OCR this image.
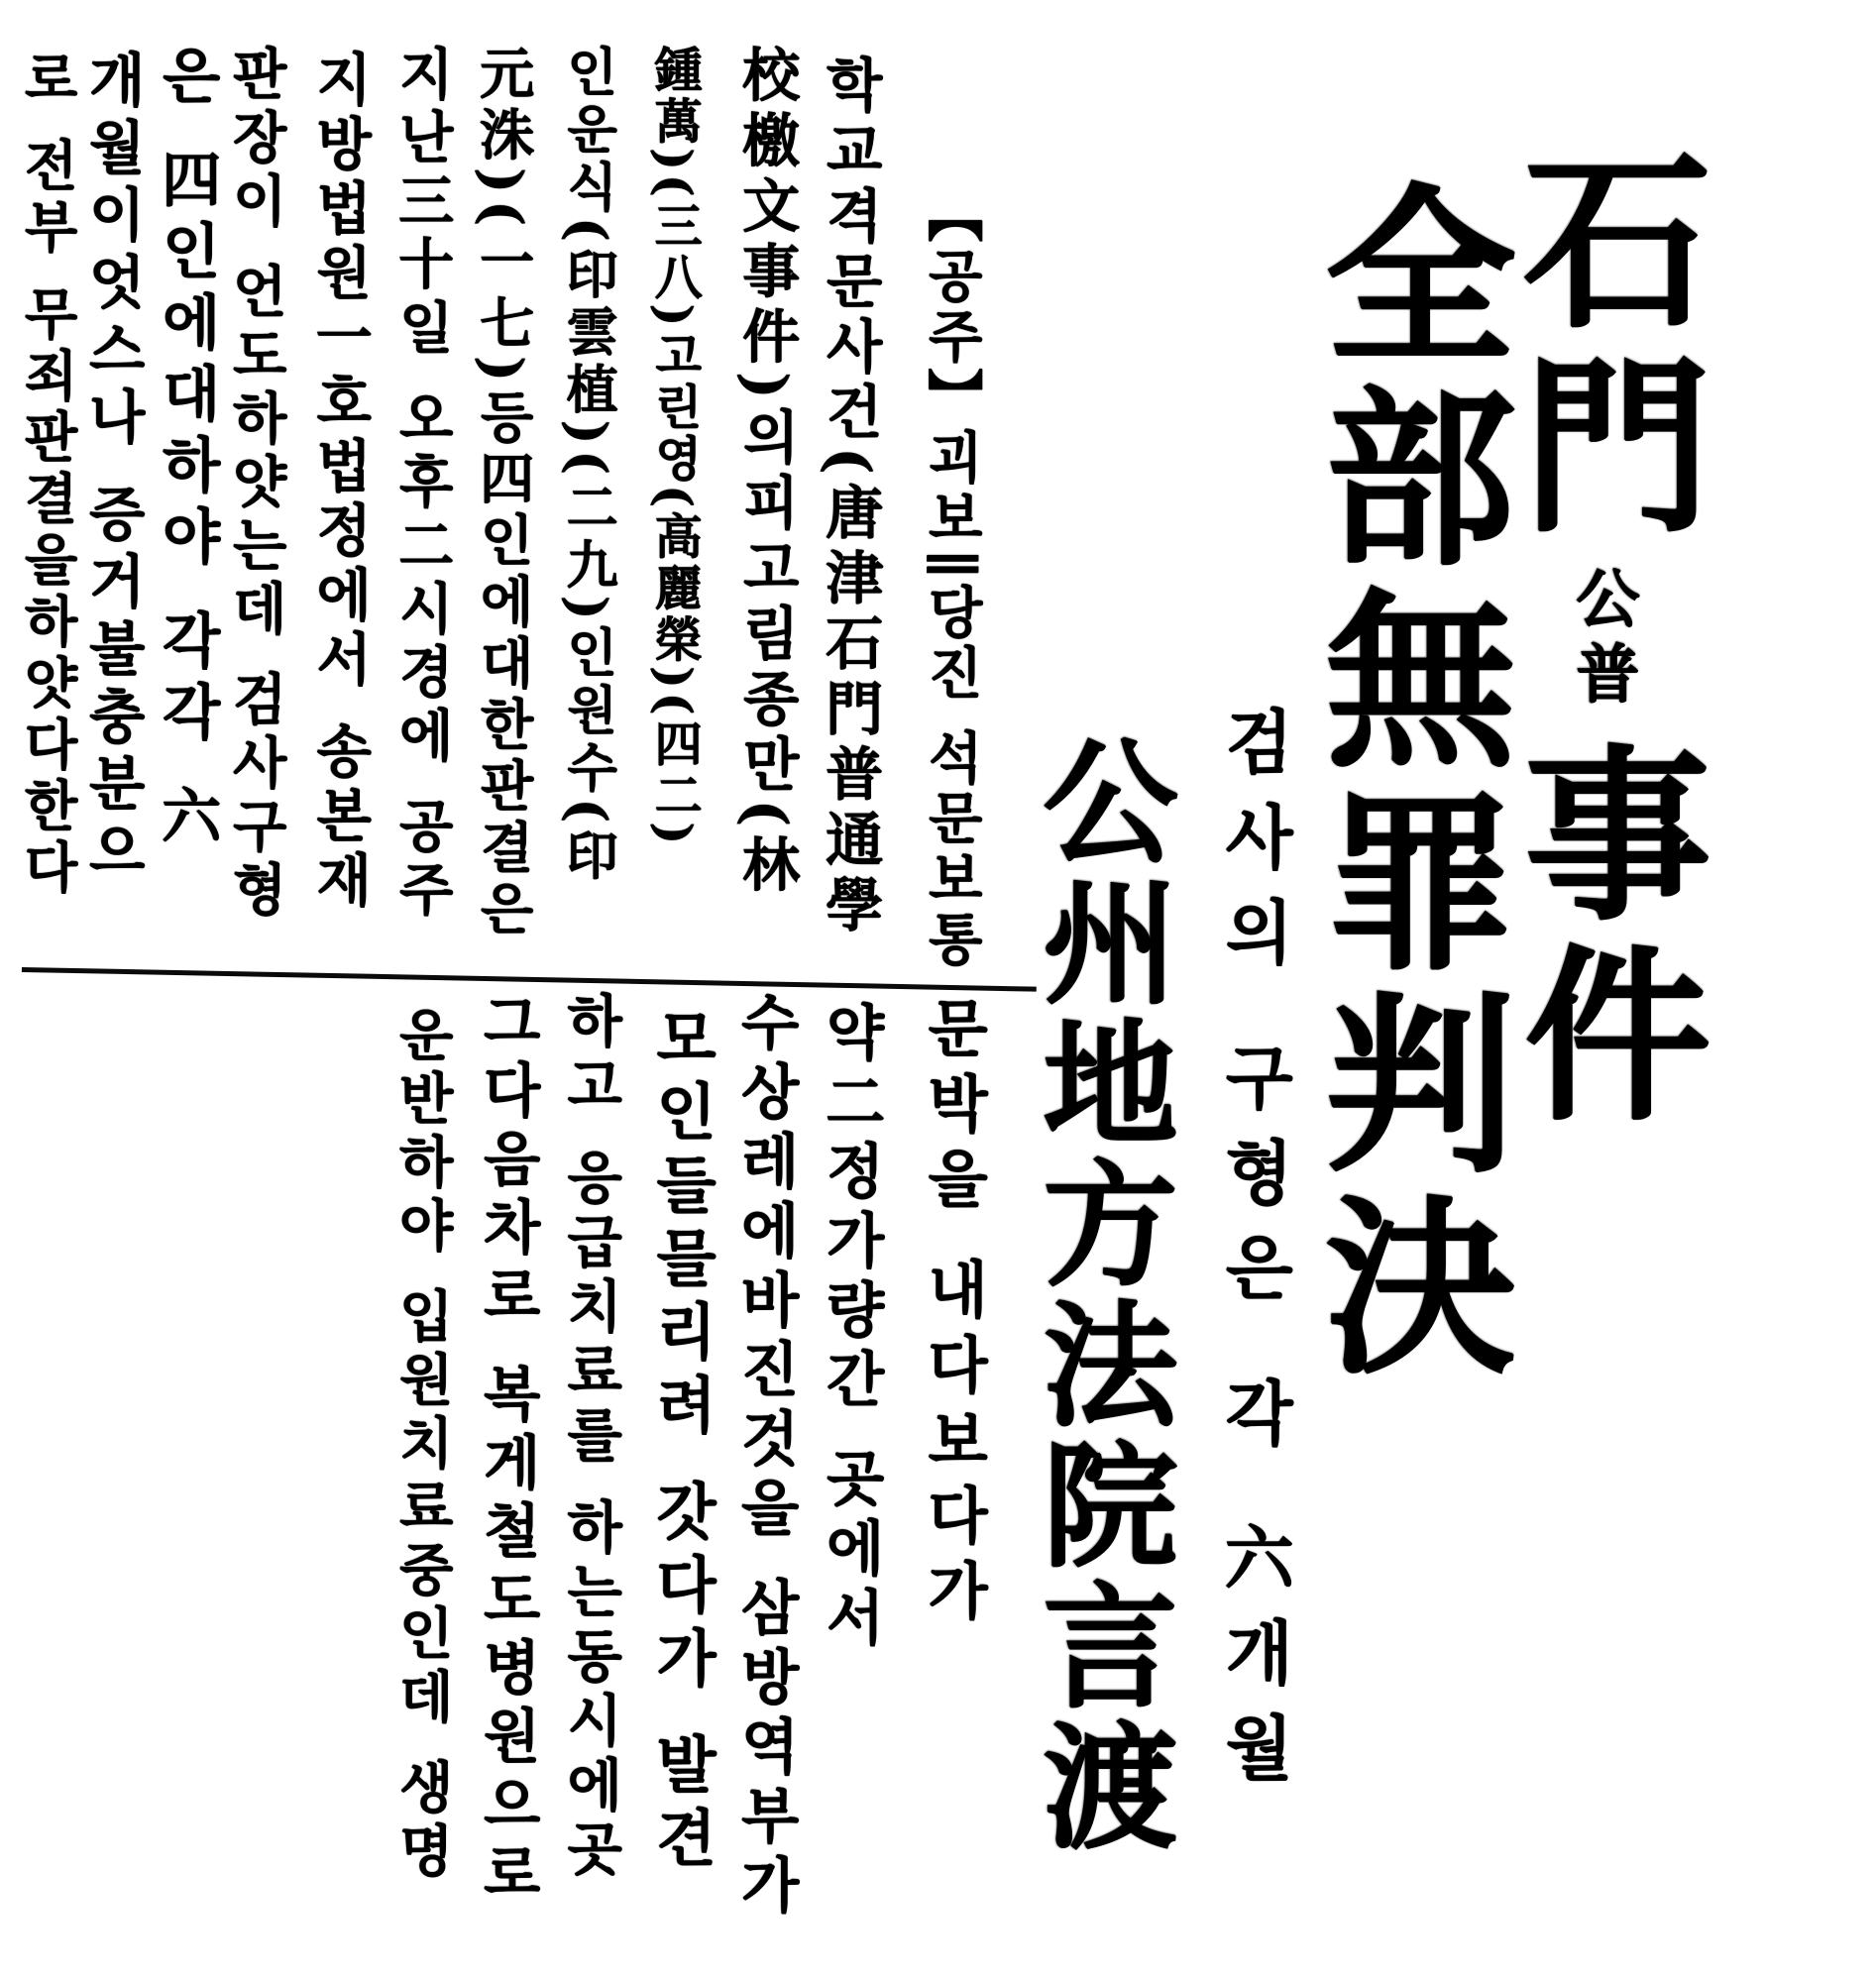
石門公普事件

全部無罪判決
검사의 구형은 각 六개월
公州地方法院言渡
【공주】괴보∥당진 석문보통
학교격문사건(唐津石門普通學
校檄文事件)의피고림종만(林
鍾萬)(三八)고린영(高麗榮)(四二)
인운식(印雲植)(二九)인원수(印
元洙)(一七)등四인에대한판결은
지난三十일 오후二시경에 공주
지방법원一호법정에서 송본재
판장이 언도하얏는데 검사구형
은 四인에대하야 각각 六
개월이엇스나 증거불충분으
로 전부 무죄판결을하얏다한다
문박을 내다보다가
약二정가량간 곳에서
수상레에바진것을 삼방역부가
모인들믈리려 갓다가 발견
하고 응급치료를 하는동시에곳
그다음차로 복게철도병원으로
운반하야 입원치료중인데 생명
